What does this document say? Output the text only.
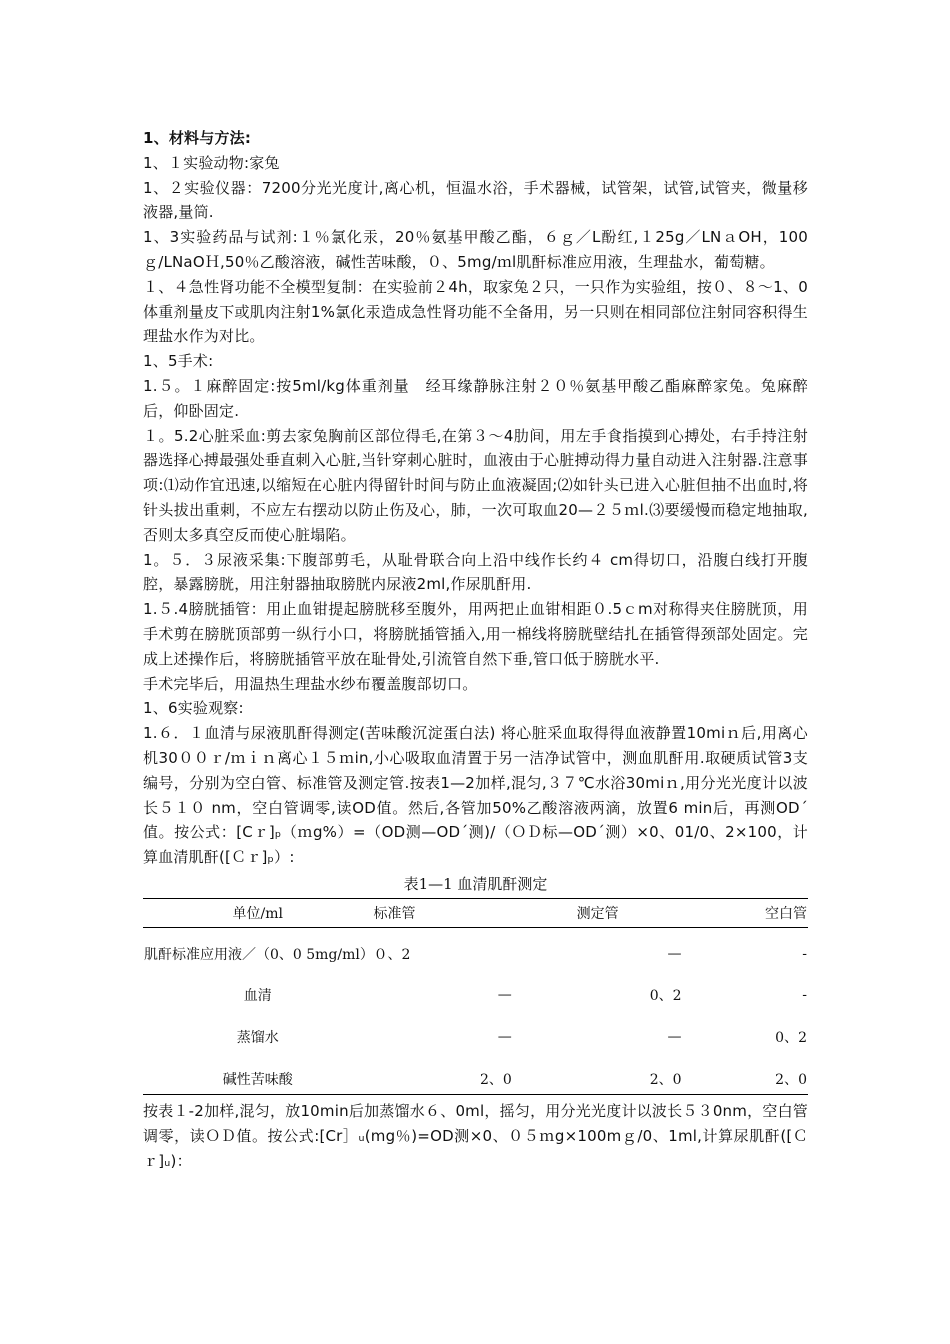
1、材料与方法:

1、１实验动物:家兔

1、２实验仪器：7200分光光度计,离心机，恒温水浴，手术器械，试管架，试管,试管夹，微量移液器,量筒.

1、3实验药品与试剂:１％氯化汞，20％氨基甲酸乙酯，６ｇ／L酚红,１25g／LNａOH，100ｇ/LNaOＨ,50％乙酸溶液，碱性苦味酸，０、5mg/ｍl肌酐标准应用液，生理盐水，葡萄糖。

１、４急性肾功能不全模型复制：在实验前２4h，取家兔２只，一只作为实验组，按０、８～1、0体重剂量皮下或肌肉注射1%氯化汞造成急性肾功能不全备用，另一只则在相同部位注射同容积得生理盐水作为对比。

1、5手术:

1.５。１麻醉固定:按5ml/kg体重剂量　经耳缘静脉注射２０％氨基甲酸乙酯麻醉家兔。兔麻醉后，仰卧固定.

１。5.2心脏采血:剪去家兔胸前区部位得毛,在第３～4肋间，用左手食指摸到心搏处，右手持注射器选择心搏最强处垂直刺入心脏,当针穿刺心脏时，血液由于心脏搏动得力量自动进入注射器.注意事项:⑴动作宜迅速,以缩短在心脏内得留针时间与防止血液凝固;⑵如针头已进入心脏但抽不出血时,将针头拔出重刺，不应左右摆动以防止伤及心，肺，一次可取血20—２５ｍl.⑶要缓慢而稳定地抽取,否则太多真空反而使心脏塌陷。

1。５．３尿液采集:下腹部剪毛，从耻骨联合向上沿中线作长约４ cm得切口，沿腹白线打开腹腔，暴露膀胱，用注射器抽取膀胱内尿液2ml,作尿肌酐用.

1.５.4膀胱插管：用止血钳提起膀胱移至腹外，用两把止血钳相距０.5ｃm对称得夹住膀胱顶，用手术剪在膀胱顶部剪一纵行小口，将膀胱插管插入,用一棉线将膀胱壁结扎在插管得颈部处固定。完成上述操作后，将膀胱插管平放在耻骨处,引流管自然下垂,管口低于膀胱水平.

手术完毕后，用温热生理盐水纱布覆盖腹部切口。

1、6实验观察:

1.６．１血清与尿液肌酐得测定(苦味酸沉淀蛋白法) 将心脏采血取得得血液静置10miｎ后,用离心机30００ｒ/ｍｉｎ离心１５ｍin,小心吸取血清置于另一洁净试管中，测血肌酐用.取硬质试管3支编号，分别为空白管、标准管及测定管.按表1—2加样,混匀,３７℃水浴30miｎ,用分光光度计以波长５１０ nm，空白管调零,读OD值。然后,各管加50%乙酸溶液两滴，放置6 min后，再测ODˊ 值。按公式：[Cｒ]ₚ（ｍg%）=（OD测—ODˊ测)/（ＯＤ标—ODˊ测）×0、01/0、2×100，计算血清肌酐([Ｃｒ]ₚ）:

表1—1 血清肌酐测定
单位/ml	标准管	测定管	空白管
肌酐标准应用液／（0、0 5mg/ml）	０、2	—	-
血清	—	0、2	-
蒸馏水	—	—	0、2
碱性苦味酸	2、0	2、0	2、0

按表１-2加样,混匀，放10min后加蒸馏水６、0ml，摇匀，用分光光度计以波长５３0nm，空白管调零，读ＯＤ值。按公式:[Cr］ᵤ(mg％)=OD测×0、０５ｍg×100mｇ/0、1ml,计算尿肌酐([Ｃｒ]ᵤ)：
